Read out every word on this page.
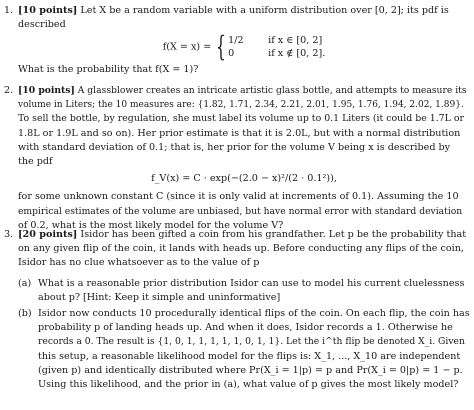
1. [10 points] Let X be a random variable with a uniform distribution over [0, 2]; its pdf is
described
f(X = x) = { 1/2	if x ∈ [0, 2]
0	if x ∉ [0, 2].
What is the probability that f(X = 1)?
2. [10 points] A glassblower creates an intricate artistic glass bottle, and attempts to measure its
volume in Liters; the 10 measures are: {1.82, 1.71, 2.34, 2.21, 2.01, 1.95, 1.76, 1.94, 2.02, 1.89}.
To sell the bottle, by regulation, she must label its volume up to 0.1 Liters (it could be 1.7L or
1.8L or 1.9L and so on). Her prior estimate is that it is 2.0L, but with a normal distribution
with standard deviation of 0.1; that is, her prior for the volume V being x is described by
the pdf
f_V(x) = C · exp(−(2.0 − x)²/(2 · 0.1²)),
for some unknown constant C (since it is only valid at increments of 0.1). Assuming the 10
empirical estimates of the volume are unbiased, but have normal error with standard deviation
of 0.2, what is the most likely model for the volume V?
3. [20 points] Isidor has been gifted a coin from his grandfather. Let p be the probability that
on any given flip of the coin, it lands with heads up. Before conducting any flips of the coin,
Isidor has no clue whatsoever as to the value of p
(a) What is a reasonable prior distribution Isidor can use to model his current cluelessness
about p? [Hint: Keep it simple and uninformative]
(b) Isidor now conducts 10 procedurally identical flips of the coin. On each flip, the coin has
probability p of landing heads up. And when it does, Isidor records a 1. Otherwise he
records a 0. The result is {1, 0, 1, 1, 1, 1, 1, 0, 1, 1}. Let the i^th flip be denoted X_i. Given
this setup, a reasonable likelihood model for the flips is: X_1, ..., X_10 are independent
(given p) and identically distributed where Pr(X_i = 1|p) = p and Pr(X_i = 0|p) = 1 − p.
Using this likelihood, and the prior in (a), what value of p gives the most likely model?
